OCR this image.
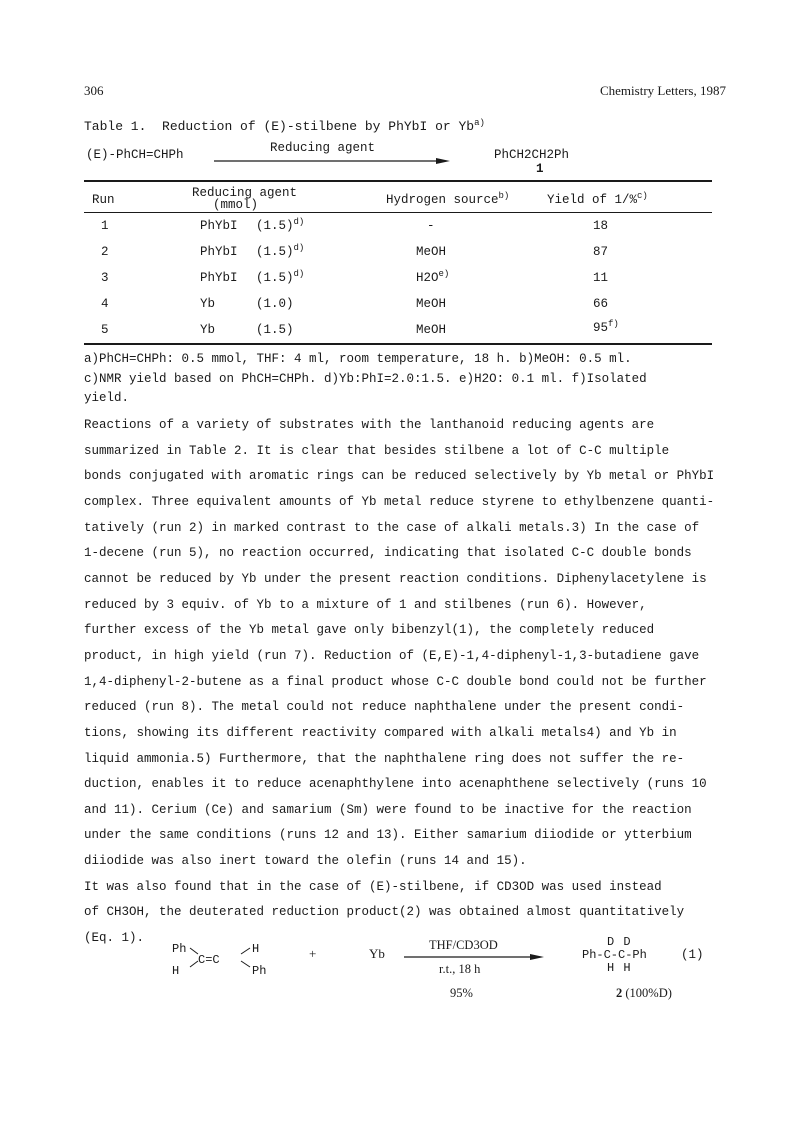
306	Chemistry Letters, 1987
Table 1. Reduction of (E)-stilbene by PhYbI or Yb$^{a)}$
(E)-PhCH=CHPh	Reducing agent	PhCH2CH2Ph
1
Run	Reducing agent
(mmol)	Hydrogen source$^{b)}$	Yield of 1/%$^{c)}$
1	PhYbI $(1.5)^{d)}$	-	18
2	PhYbI $(1.5)^{d)}$	MeOH	87
3	PhYbI $(1.5)^{d)}$	$H2O^{e)}$	11
4	Yb	(1.0)	MeOH	66
5	Yb	(1.5)	MeOH	95$^{f)}$
a)PhCH=CHPh: 0.5 mmol, THF: 4 ml, room temperature, 18 h. b)MeOH: 0.5 ml.
c)NMR yield based on PhCH=CHPh. d)Yb:PhI=2.0:1.5. e)H2O: 0.1 ml. f)Isolated
yield.
Reactions of a variety of substrates with the lanthanoid reducing agents are
summarized in Table 2. It is clear that besides stilbene a lot of C-C multiple
bonds conjugated with aromatic rings can be reduced selectively by Yb metal or PhYbI
complex. Three equivalent amounts of Yb metal reduce styrene to ethylbenzene quanti-
tatively (run 2) in marked contrast to the case of alkali metals.3) In the case of
1-decene (run 5), no reaction occurred, indicating that isolated C-C double bonds
cannot be reduced by Yb under the present reaction conditions. Diphenylacetylene is
reduced by 3 equiv. of Yb to a mixture of 1 and stilbenes (run 6). However,
further excess of the Yb metal gave only bibenzyl(1), the completely reduced
product, in high yield (run 7). Reduction of (E,E)-1,4-diphenyl-1,3-butadiene gave
1,4-diphenyl-2-butene as a final product whose C-C double bond could not be further
reduced (run 8). The metal could not reduce naphthalene under the present condi-
tions, showing its different reactivity compared with alkali metals4) and Yb in
liquid ammonia.5) Furthermore, that the naphthalene ring does not suffer the re-
duction, enables it to reduce acenaphthylene into acenaphthene selectively (runs 10
and 11). Cerium (Ce) and samarium (Sm) were found to be inactive for the reaction
under the same conditions (runs 12 and 13). Either samarium diiodide or ytterbium
diiodide was also inert toward the olefin (runs 14 and 15).
It was also found that in the case of (E)-stilbene, if CD3OD was used instead
of CH3OH, the deuterated reduction product(2) was obtained almost quantitatively
(Eq. 1).
Ph
H
C=C
H
Ph
+	Yb
THF/CD3OD
r.t., 18 h
95%
D D
Ph-C-C-Ph
H H
(1)
2 (100%D)
